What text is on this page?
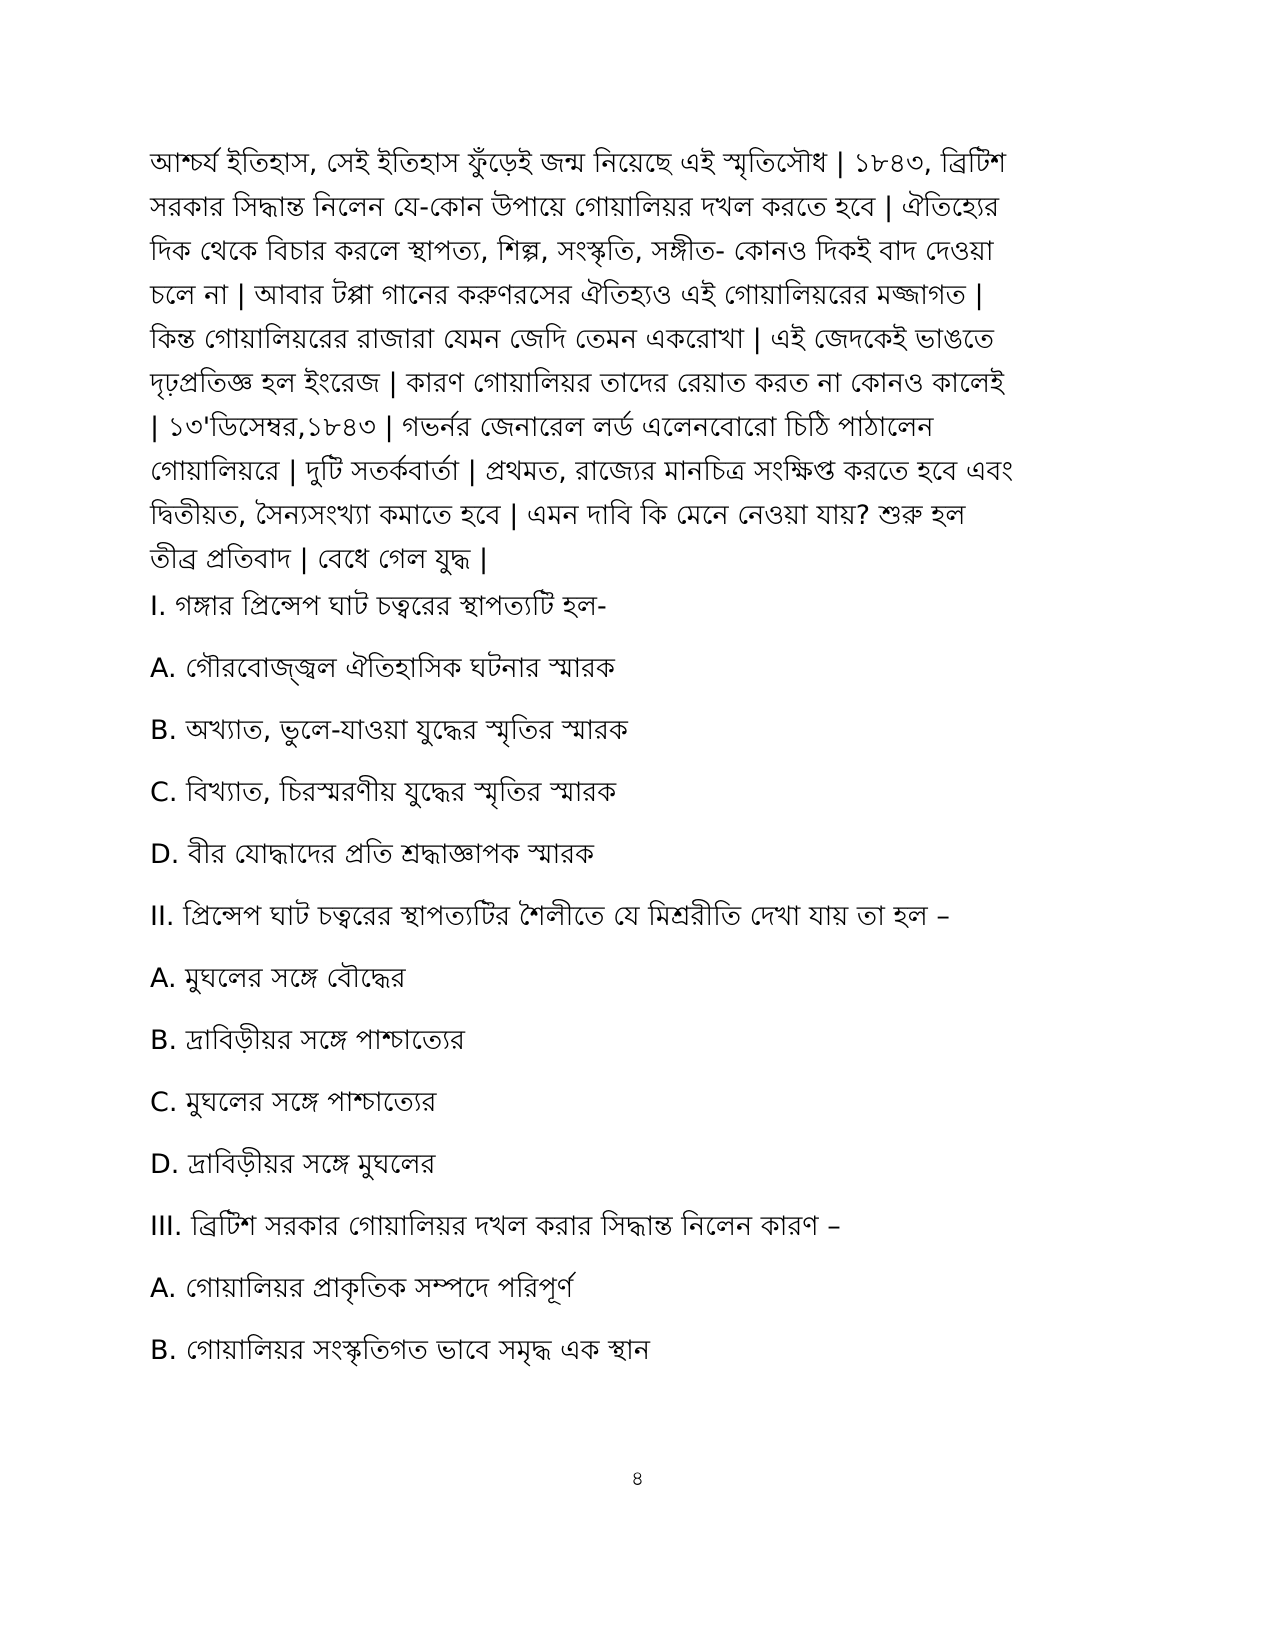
আশ্চর্য ইতিহাস, সেই ইতিহাস ফুঁড়েই জন্ম নিয়েছে এই স্মৃতিসৌধ | ১৮৪৩, ব্রিটিশ
সরকার সিদ্ধান্ত নিলেন যে-কোন উপায়ে গোয়ালিয়র দখল করতে হবে | ঐতিহ্যের
দিক থেকে বিচার করলে স্থাপত্য, শিল্প, সংস্কৃতি, সঙ্গীত- কোনও দিকই বাদ দেওয়া
চলে না | আবার টপ্পা গানের করুণরসের ঐতিহ্যও এই গোয়ালিয়রের মজ্জাগত |
কিন্ত গোয়ালিয়রের রাজারা যেমন জেদি তেমন একরোখা | এই জেদকেই ভাঙতে
দৃঢ়প্রতিজ্ঞ হল ইংরেজ | কারণ গোয়ালিয়র তাদের রেয়াত করত না কোনও কালেই
| ১৩'ডিসেম্বর,১৮৪৩ | গভর্নর জেনারেল লর্ড এলেনবোরো চিঠি পাঠালেন
গোয়ালিয়রে | দুটি সতর্কবার্তা | প্রথমত, রাজ্যের মানচিত্র সংক্ষিপ্ত করতে হবে এবং
দ্বিতীয়ত, সৈন্যসংখ্যা কমাতে হবে | এমন দাবি কি মেনে নেওয়া যায়? শুরু হল
তীব্র প্রতিবাদ | বেধে গেল যুদ্ধ |
I. গঙ্গার প্রিন্সেপ ঘাট চত্বরের স্থাপত্যটি হল-
A. গৌরবোজ্জ্বল ঐতিহাসিক ঘটনার স্মারক
B. অখ্যাত, ভুলে-যাওয়া যুদ্ধের স্মৃতির স্মারক
C. বিখ্যাত, চিরস্মরণীয় যুদ্ধের স্মৃতির স্মারক
D. বীর যোদ্ধাদের প্রতি শ্রদ্ধাজ্ঞাপক স্মারক
II. প্রিন্সেপ ঘাট চত্বরের স্থাপত্যটির শৈলীতে যে মিশ্ররীতি দেখা যায় তা হল –
A. মুঘলের সঙ্গে বৌদ্ধের
B. দ্রাবিড়ীয়র সঙ্গে পাশ্চাত্যের
C. মুঘলের সঙ্গে পাশ্চাত্যের
D. দ্রাবিড়ীয়র সঙ্গে মুঘলের
III. ব্রিটিশ সরকার গোয়ালিয়র দখল করার সিদ্ধান্ত নিলেন কারণ –
A. গোয়ালিয়র প্রাকৃতিক সম্পদে পরিপূর্ণ
B. গোয়ালিয়র সংস্কৃতিগত ভাবে সমৃদ্ধ এক স্থান
৪
